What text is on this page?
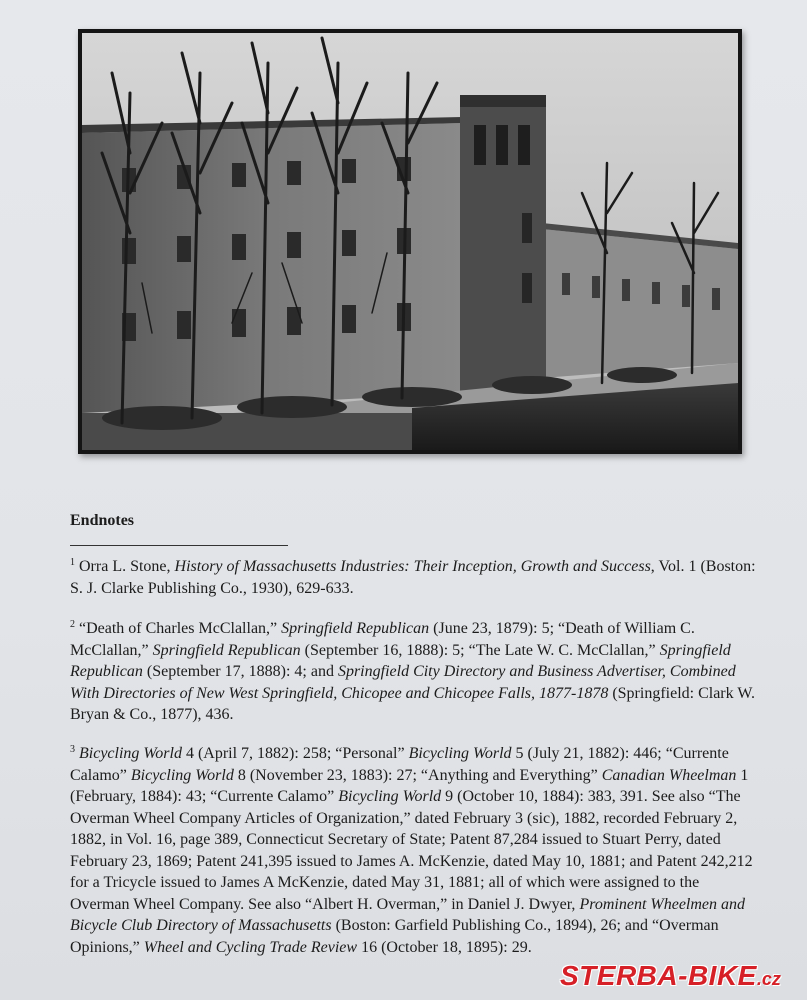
Endnotes

$^1$ Orra L. Stone, History of Massachusetts Industries: Their Inception, Growth and Success, Vol. 1 (Boston: S. J. Clarke Publishing Co., 1930), 629-633.

$^2$ “Death of Charles McClallan,” Springfield Republican (June 23, 1879): 5; “Death of William C. McClallan,” Springfield Republican (September 16, 1888): 5; “The Late W. C. McClallan,” Springfield Republican (September 17, 1888): 4; and Springfield City Directory and Business Advertiser, Combined With Directories of New West Springfield, Chicopee and Chicopee Falls, 1877-1878 (Springfield: Clark W. Bryan & Co., 1877), 436.

$^3$ Bicycling World 4 (April 7, 1882): 258; “Personal” Bicycling World 5 (July 21, 1882): 446; “Currente Calamo” Bicycling World 8 (November 23, 1883): 27; “Anything and Everything” Canadian Wheelman 1 (February, 1884): 43; “Currente Calamo” Bicycling World 9 (October 10, 1884): 383, 391. See also “The Overman Wheel Company Articles of Organization,” dated February 3 (sic), 1882, recorded February 2, 1882, in Vol. 16, page 389, Connecticut Secretary of State; Patent 87,284 issued to Stuart Perry, dated February 23, 1869; Patent 241,395 issued to James A. McKenzie, dated May 10, 1881; and Patent 242,212 for a Tricycle issued to James A McKenzie, dated May 31, 1881; all of which were assigned to the Overman Wheel Company. See also “Albert H. Overman,” in Daniel J. Dwyer, Prominent Wheelmen and Bicycle Club Directory of Massachusetts (Boston: Garfield Publishing Co., 1894), 26; and “Overman Opinions,” Wheel and Cycling Trade Review 16 (October 18, 1895): 29.

STERBA-BIKE.cz
